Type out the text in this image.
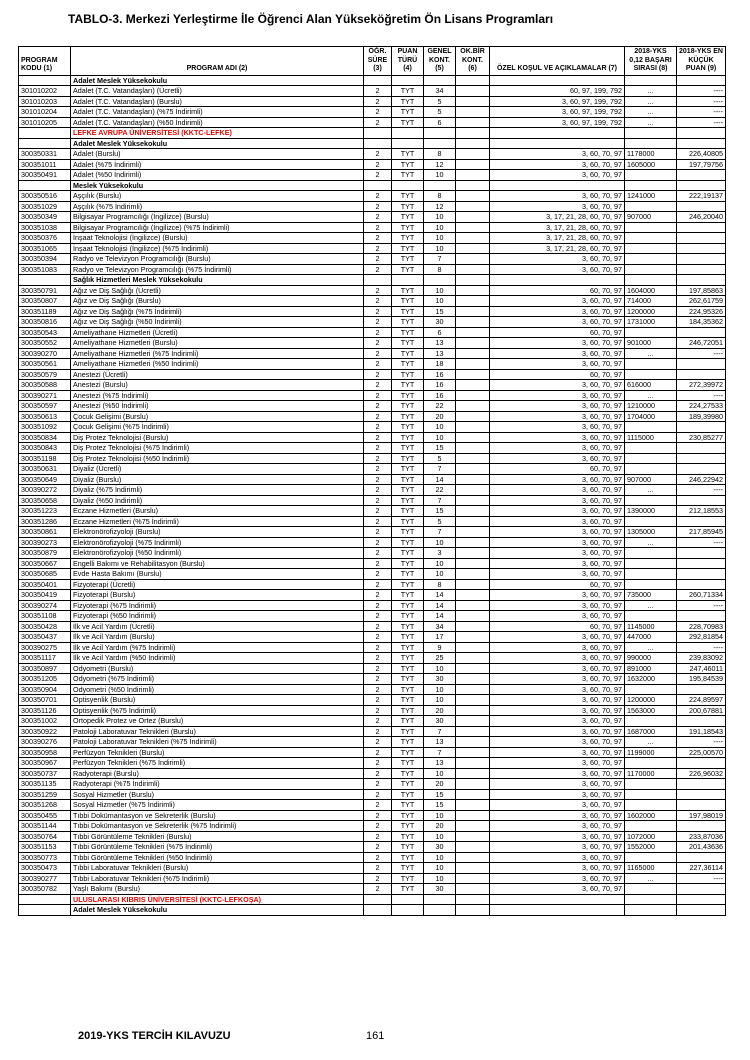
TABLO-3. Merkezi Yerleştirme İle Öğrenci Alan Yükseköğretim Ön Lisans Programları
PROGRAM KODU (1)	PROGRAM ADI (2)	ÖĞR. SÜRE (3)	PUAN TÜRÜ (4)	GENEL KONT. (5)	OK.BİR KONT. (6)	ÖZEL KOŞUL VE AÇIKLAMALAR (7)	2018-YKS 0,12 BAŞARI SIRASI (8)	2018-YKS EN KÜÇÜK PUAN (9)
	Adalet Meslek Yüksekokulu							
301010202	Adalet (T.C. Vatandaşları) (Ücretli)	2	TYT	34		60, 97, 199, 792	...	----
301010203	Adalet (T.C. Vatandaşları) (Burslu)	2	TYT	5		3, 60, 97, 199, 792	...	----
301010204	Adalet (T.C. Vatandaşları) (%75 İndirimli)	2	TYT	5		3, 60, 97, 199, 792	...	----
301010205	Adalet (T.C. Vatandaşları) (%50 İndirimli)	2	TYT	6		3, 60, 97, 199, 792	...	----
	LEFKE AVRUPA ÜNİVERSİTESİ (KKTC-LEFKE)							
	Adalet Meslek Yüksekokulu							
300350331	Adalet (Burslu)	2	TYT	8		3, 60, 70, 97	1178000	226,40805
300351011	Adalet (%75 İndirimli)	2	TYT	12		3, 60, 70, 97	1605000	197,79756
300350491	Adalet (%50 İndirimli)	2	TYT	10		3, 60, 70, 97		
	Meslek Yüksekokulu							
300350516	Aşçılık (Burslu)	2	TYT	8		3, 60, 70, 97	1241000	222,19137
300351029	Aşçılık (%75 İndirimli)	2	TYT	12		3, 60, 70, 97		
300350349	Bilgisayar Programcılığı (İngilizce) (Burslu)	2	TYT	10		3, 17, 21, 28, 60, 70, 97	907000	246,20040
300351038	Bilgisayar Programcılığı (İngilizce) (%75 İndirimli)	2	TYT	10		3, 17, 21, 28, 60, 70, 97		
300350376	İnşaat Teknolojisi (İngilizce) (Burslu)	2	TYT	10		3, 17, 21, 28, 60, 70, 97		
300351065	İnşaat Teknolojisi (İngilizce) (%75 İndirimli)	2	TYT	10		3, 17, 21, 28, 60, 70, 97		
300350394	Radyo ve Televizyon Programcılığı (Burslu)	2	TYT	7		3, 60, 70, 97		
300351083	Radyo ve Televizyon Programcılığı (%75 İndirimli)	2	TYT	8		3, 60, 70, 97		
	Sağlık Hizmetleri Meslek Yüksekokulu							
300350791	Ağız ve Diş Sağlığı (Ücretli)	2	TYT	10		60, 70, 97	1604000	197,85863
300350807	Ağız ve Diş Sağlığı (Burslu)	2	TYT	10		3, 60, 70, 97	714000	262,61759
300351189	Ağız ve Diş Sağlığı (%75 İndirimli)	2	TYT	15		3, 60, 70, 97	1200000	224,95326
300350816	Ağız ve Diş Sağlığı (%50 İndirimli)	2	TYT	30		3, 60, 70, 97	1731000	184,35362
300350543	Ameliyathane Hizmetleri (Ücretli)	2	TYT	6		60, 70, 97		
300350552	Ameliyathane Hizmetleri (Burslu)	2	TYT	13		3, 60, 70, 97	901000	246,72051
300390270	Ameliyathane Hizmetleri (%75 İndirimli)	2	TYT	13		3, 60, 70, 97	...	----
300350561	Ameliyathane Hizmetleri (%50 İndirimli)	2	TYT	18		3, 60, 70, 97		
300350579	Anestezi (Ücretli)	2	TYT	16		60, 70, 97		
300350588	Anestezi (Burslu)	2	TYT	16		3, 60, 70, 97	616000	272,39972
300390271	Anestezi (%75 İndirimli)	2	TYT	16		3, 60, 70, 97	...	----
300350597	Anestezi (%50 İndirimli)	2	TYT	22		3, 60, 70, 97	1210000	224,27533
300350613	Çocuk Gelişimi (Burslu)	2	TYT	20		3, 60, 70, 97	1704000	189,39980
300351092	Çocuk Gelişimi (%75 İndirimli)	2	TYT	10		3, 60, 70, 97		
300350834	Diş Protez Teknolojisi (Burslu)	2	TYT	10		3, 60, 70, 97	1115000	230,85277
300350843	Diş Protez Teknolojisi (%75 İndirimli)	2	TYT	15		3, 60, 70, 97		
300351198	Diş Protez Teknolojisi (%50 İndirimli)	2	TYT	5		3, 60, 70, 97		
300350631	Diyaliz (Ücretli)	2	TYT	7		60, 70, 97		
300350649	Diyaliz (Burslu)	2	TYT	14		3, 60, 70, 97	907000	246,22942
300390272	Diyaliz (%75 İndirimli)	2	TYT	22		3, 60, 70, 97	...	----
300350658	Diyaliz (%50 İndirimli)	2	TYT	7		3, 60, 70, 97		
300351223	Eczane Hizmetleri (Burslu)	2	TYT	15		3, 60, 70, 97	1390000	212,18553
300351286	Eczane Hizmetleri (%75 İndirimli)	2	TYT	5		3, 60, 70, 97		
300350861	Elektronörofizyoloji (Burslu)	2	TYT	7		3, 60, 70, 97	1305000	217,85945
300390273	Elektronörofizyoloji (%75 İndirimli)	2	TYT	10		3, 60, 70, 97	...	----
300350879	Elektronörofizyoloji (%50 İndirimli)	2	TYT	3		3, 60, 70, 97		
300350667	Engelli Bakımı ve Rehabilitasyon (Burslu)	2	TYT	10		3, 60, 70, 97		
300350685	Evde Hasta Bakımı (Burslu)	2	TYT	10		3, 60, 70, 97		
300350401	Fizyoterapi (Ücretli)	2	TYT	8		60, 70, 97		
300350419	Fizyoterapi (Burslu)	2	TYT	14		3, 60, 70, 97	735000	260,71334
300390274	Fizyoterapi (%75 İndirimli)	2	TYT	14		3, 60, 70, 97	...	----
300351108	Fizyoterapi (%50 İndirimli)	2	TYT	14		3, 60, 70, 97		
300350428	İlk ve Acil Yardım (Ücretli)	2	TYT	34		60, 70, 97	1145000	228,70983
300350437	İlk ve Acil Yardım (Burslu)	2	TYT	17		3, 60, 70, 97	447000	292,81854
300390275	İlk ve Acil Yardım (%75 İndirimli)	2	TYT	9		3, 60, 70, 97	...	----
300351117	İlk ve Acil Yardım (%50 İndirimli)	2	TYT	25		3, 60, 70, 97	990000	239,83092
300350897	Odyometri (Burslu)	2	TYT	10		3, 60, 70, 97	891000	247,46011
300351205	Odyometri (%75 İndirimli)	2	TYT	30		3, 60, 70, 97	1632000	195,84539
300350904	Odyometri (%50 İndirimli)	2	TYT	10		3, 60, 70, 97		
300350701	Optisyenlik (Burslu)	2	TYT	10		3, 60, 70, 97	1200000	224,89597
300351126	Optisyenlik (%75 İndirimli)	2	TYT	20		3, 60, 70, 97	1563000	200,67881
300351002	Ortopedik Protez ve Ortez (Burslu)	2	TYT	30		3, 60, 70, 97		
300350922	Patoloji Laboratuvar Teknikleri (Burslu)	2	TYT	7		3, 60, 70, 97	1687000	191,18543
300390276	Patoloji Laboratuvar Teknikleri (%75 İndirimli)	2	TYT	13		3, 60, 70, 97	...	----
300350958	Perfüzyon Teknikleri (Burslu)	2	TYT	7		3, 60, 70, 97	1199000	225,00570
300350967	Perfüzyon Teknikleri (%75 İndirimli)	2	TYT	13		3, 60, 70, 97		
300350737	Radyoterapi (Burslu)	2	TYT	10		3, 60, 70, 97	1170000	226,96032
300351135	Radyoterapi (%75 İndirimli)	2	TYT	20		3, 60, 70, 97		
300351259	Sosyal Hizmetler (Burslu)	2	TYT	15		3, 60, 70, 97		
300351268	Sosyal Hizmetler (%75 İndirimli)	2	TYT	15		3, 60, 70, 97		
300350455	Tıbbi Dokümantasyon ve Sekreterlik (Burslu)	2	TYT	10		3, 60, 70, 97	1602000	197,98019
300351144	Tıbbi Dokümantasyon ve Sekreterlik (%75 İndirimli)	2	TYT	20		3, 60, 70, 97		
300350764	Tıbbi Görüntüleme Teknikleri (Burslu)	2	TYT	10		3, 60, 70, 97	1072000	233,87036
300351153	Tıbbi Görüntüleme Teknikleri (%75 İndirimli)	2	TYT	30		3, 60, 70, 97	1552000	201,43636
300350773	Tıbbi Görüntüleme Teknikleri (%50 İndirimli)	2	TYT	10		3, 60, 70, 97		
300350473	Tıbbi Laboratuvar Teknikleri (Burslu)	2	TYT	10		3, 60, 70, 97	1165000	227,36114
300390277	Tıbbi Laboratuvar Teknikleri (%75 İndirimli)	2	TYT	10		3, 60, 70, 97	...	----
300350782	Yaşlı Bakımı (Burslu)	2	TYT	30		3, 60, 70, 97		
	ULUSLARASI KIBRIS ÜNİVERSİTESİ (KKTC-LEFKOŞA)							
	Adalet Meslek Yüksekokulu							
2019-YKS TERCİH KILAVUZU	161
